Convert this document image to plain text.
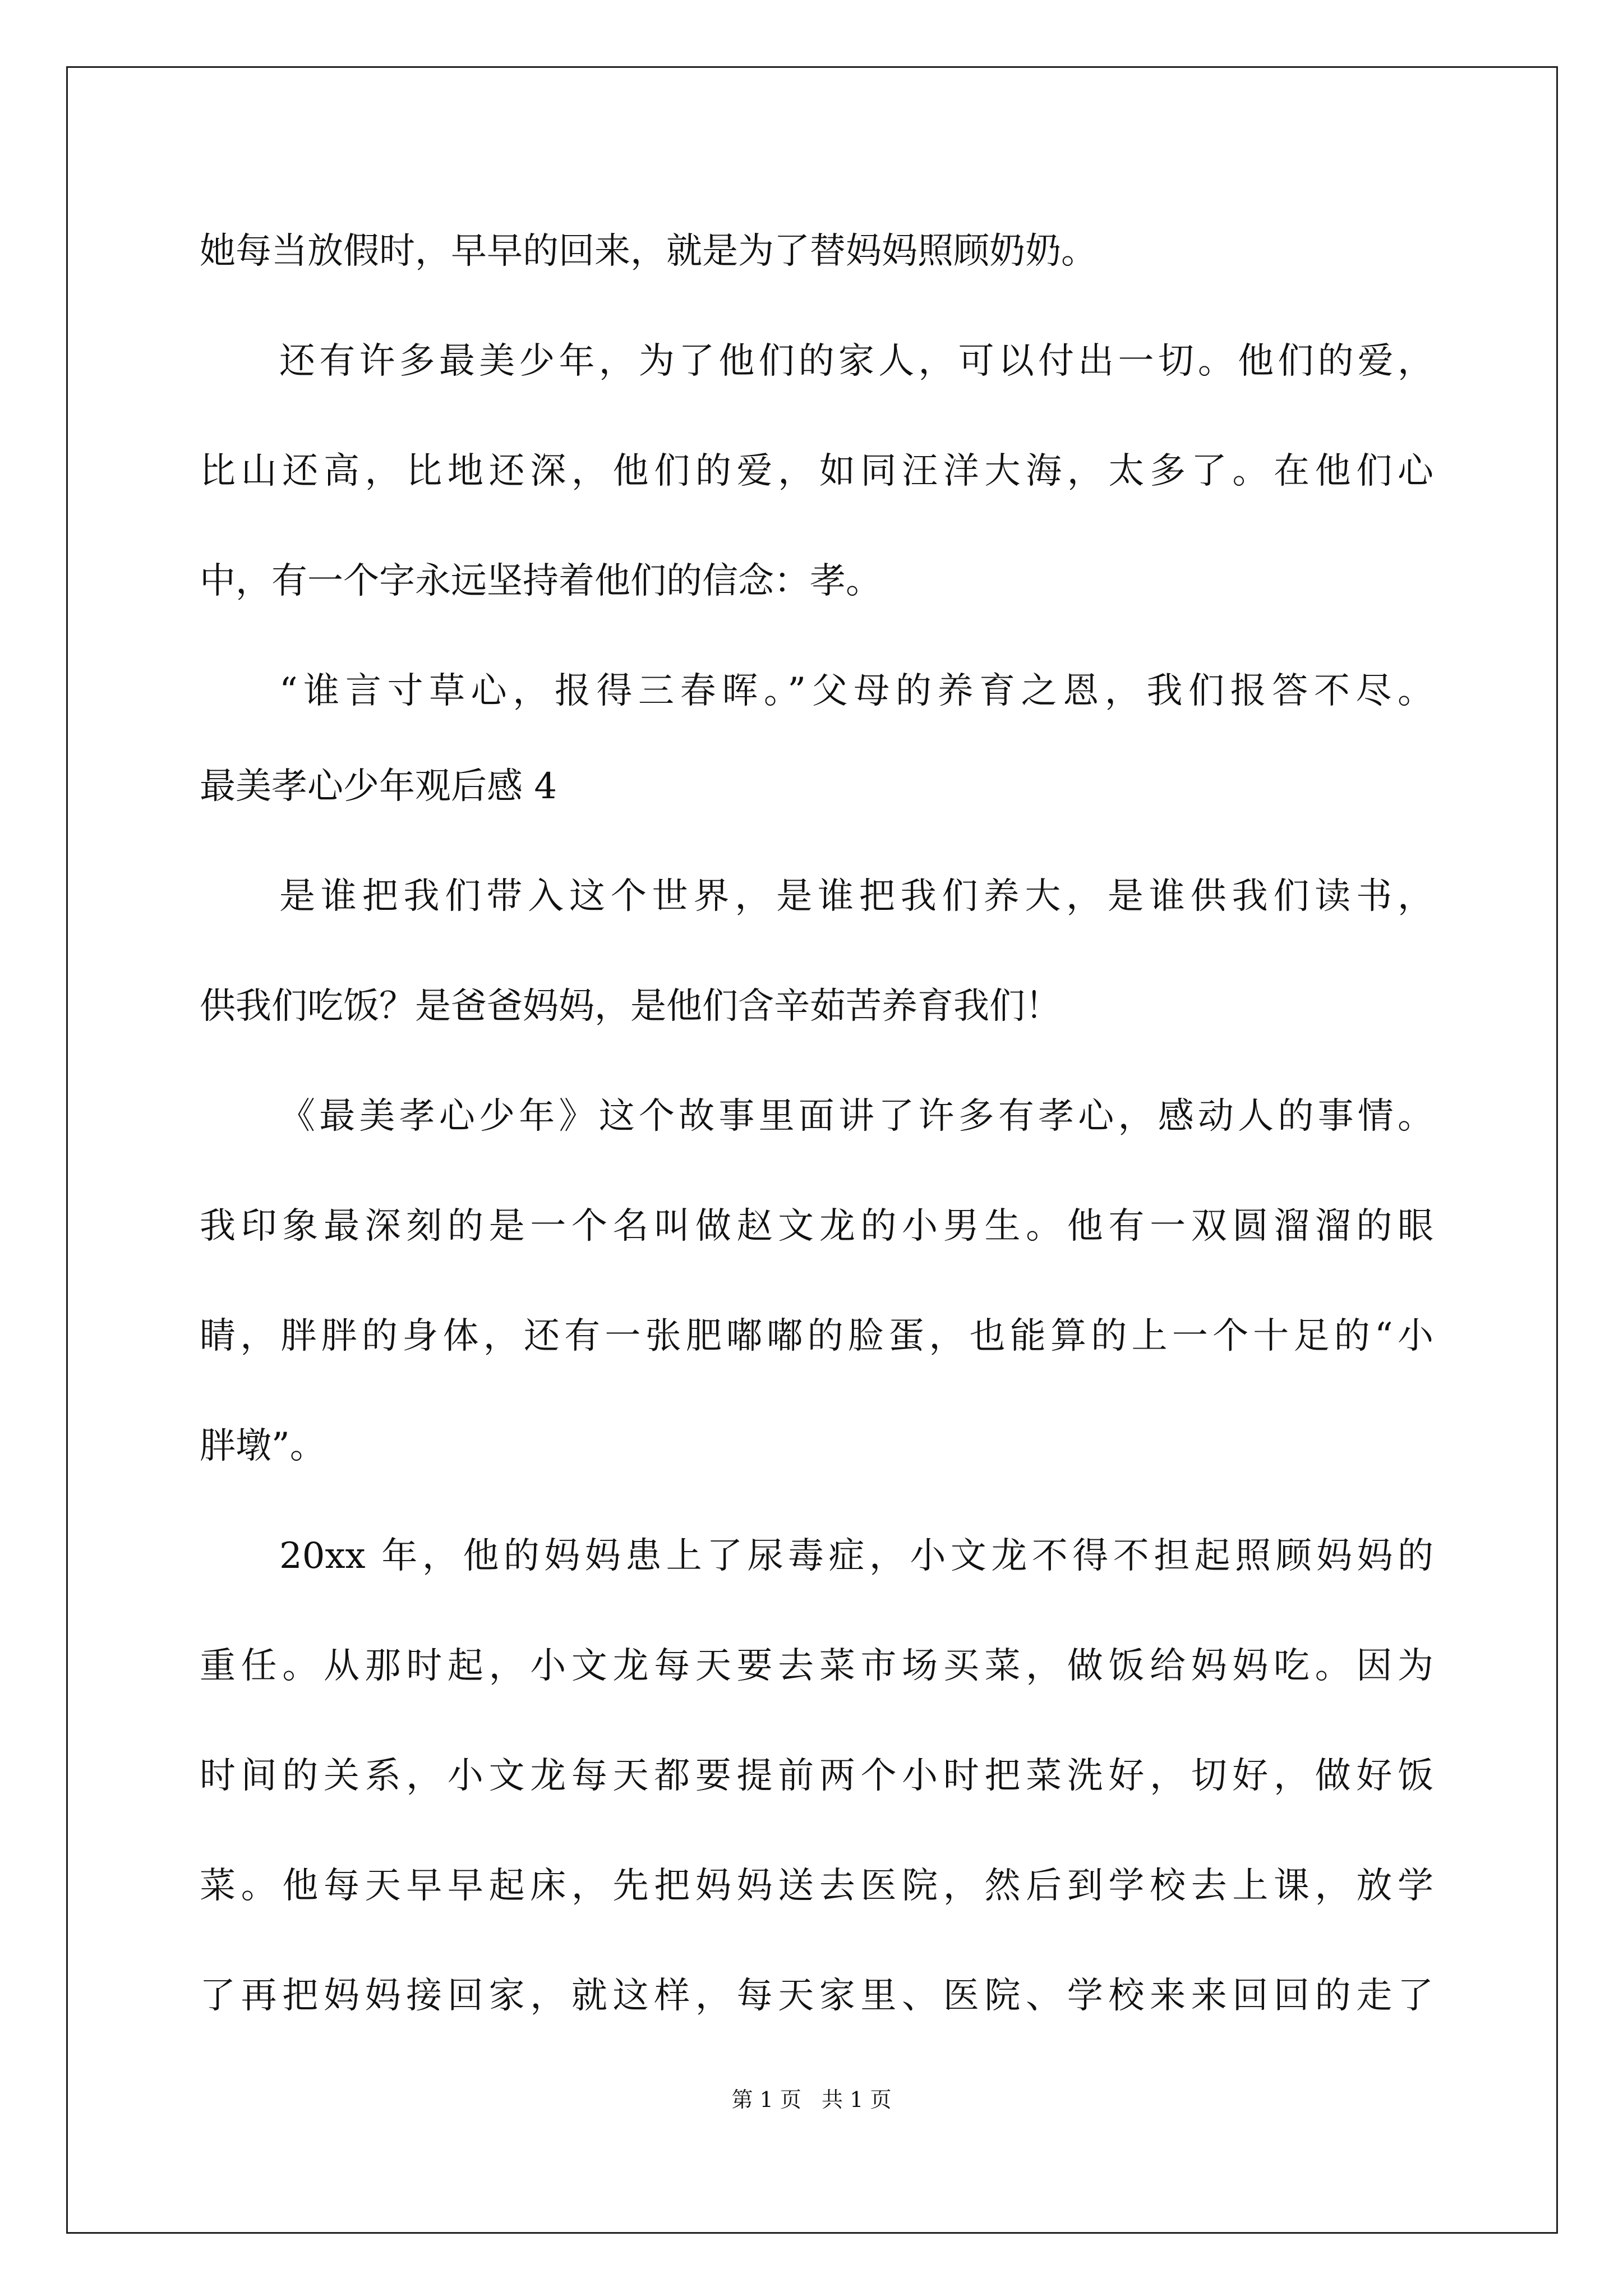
她每当放假时，早早的回来，就是为了替妈妈照顾奶奶。
还有许多最美少年，为了他们的家人，可以付出一切。他们的爱，
比山还高，比地还深，他们的爱，如同汪洋大海，太多了。在他们心
中，有一个字永远坚持着他们的信念：孝。
“谁言寸草心，报得三春晖。”父母的养育之恩，我们报答不尽。
最美孝心少年观后感 4
是谁把我们带入这个世界，是谁把我们养大，是谁供我们读书，
供我们吃饭？是爸爸妈妈，是他们含辛茹苦养育我们！
《最美孝心少年》这个故事里面讲了许多有孝心，感动人的事情。
我印象最深刻的是一个名叫做赵文龙的小男生。他有一双圆溜溜的眼
睛，胖胖的身体，还有一张肥嘟嘟的脸蛋，也能算的上一个十足的“小
胖墩”。
20xx 年，他的妈妈患上了尿毒症，小文龙不得不担起照顾妈妈的
重任。从那时起，小文龙每天要去菜市场买菜，做饭给妈妈吃。因为
时间的关系，小文龙每天都要提前两个小时把菜洗好，切好，做好饭
菜。他每天早早起床，先把妈妈送去医院，然后到学校去上课，放学
了再把妈妈接回家，就这样，每天家里、医院、学校来来回回的走了
第 1 页 共 1 页
